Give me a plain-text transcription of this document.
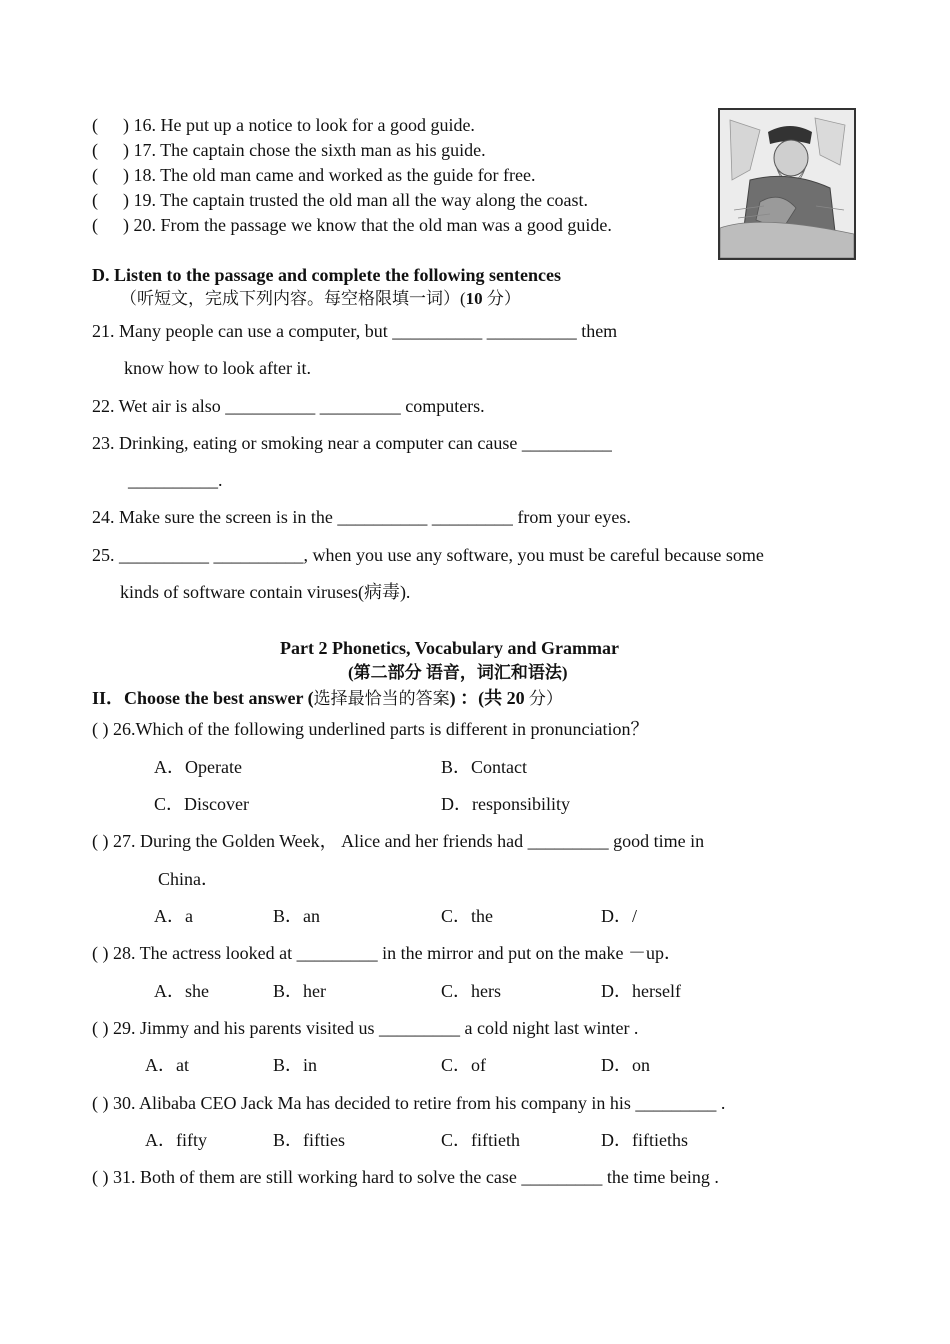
( ) 16. He put up a notice to look for a good guide.
( ) 17. The captain chose the sixth man as his guide.
( ) 18. The old man came and worked as the guide for free.
( ) 19. The captain trusted the old man all the way along the coast.
( ) 20. From the passage we know that the old man was a good guide.
D. Listen to the passage and complete the following sentences
（听短文，完成下列内容。每空格限填一词）(10 分）
21. Many people can use a computer, but __________ __________ them
know how to look after it.
22. Wet air is also __________ _________ computers.
23. Drinking, eating or smoking near a computer can cause __________
__________.
24. Make sure the screen is in the __________ _________ from your eyes.
25. __________ __________, when you use any software, you must be careful because some
kinds of software contain viruses(病毒).
Part 2 Phonetics, Vocabulary and Grammar
(第二部分 语音，词汇和语法)
II．Choose the best answer (选择最恰当的答案) ：(共 20 分）
( ) 26.Which of the following underlined parts is different in pronunciation？
A．Operate	B．Contact
C．Discover	D．responsibility
( ) 27. During the Golden Week， Alice and her friends had _________ good time in
China．
A．a	B．an	C．the	D．/
( ) 28. The actress looked at _________ in the mirror and put on the make －up．
A．she	B．her	C．hers	D．herself
( ) 29. Jimmy and his parents visited us _________ a cold night last winter .
A．at	B．in	C．of	D．on
( ) 30. Alibaba CEO Jack Ma has decided to retire from his company in his _________ .
A．fifty	B．fifties	C．fiftieth	D．fiftieths
( ) 31. Both of them are still working hard to solve the case _________ the time being .
